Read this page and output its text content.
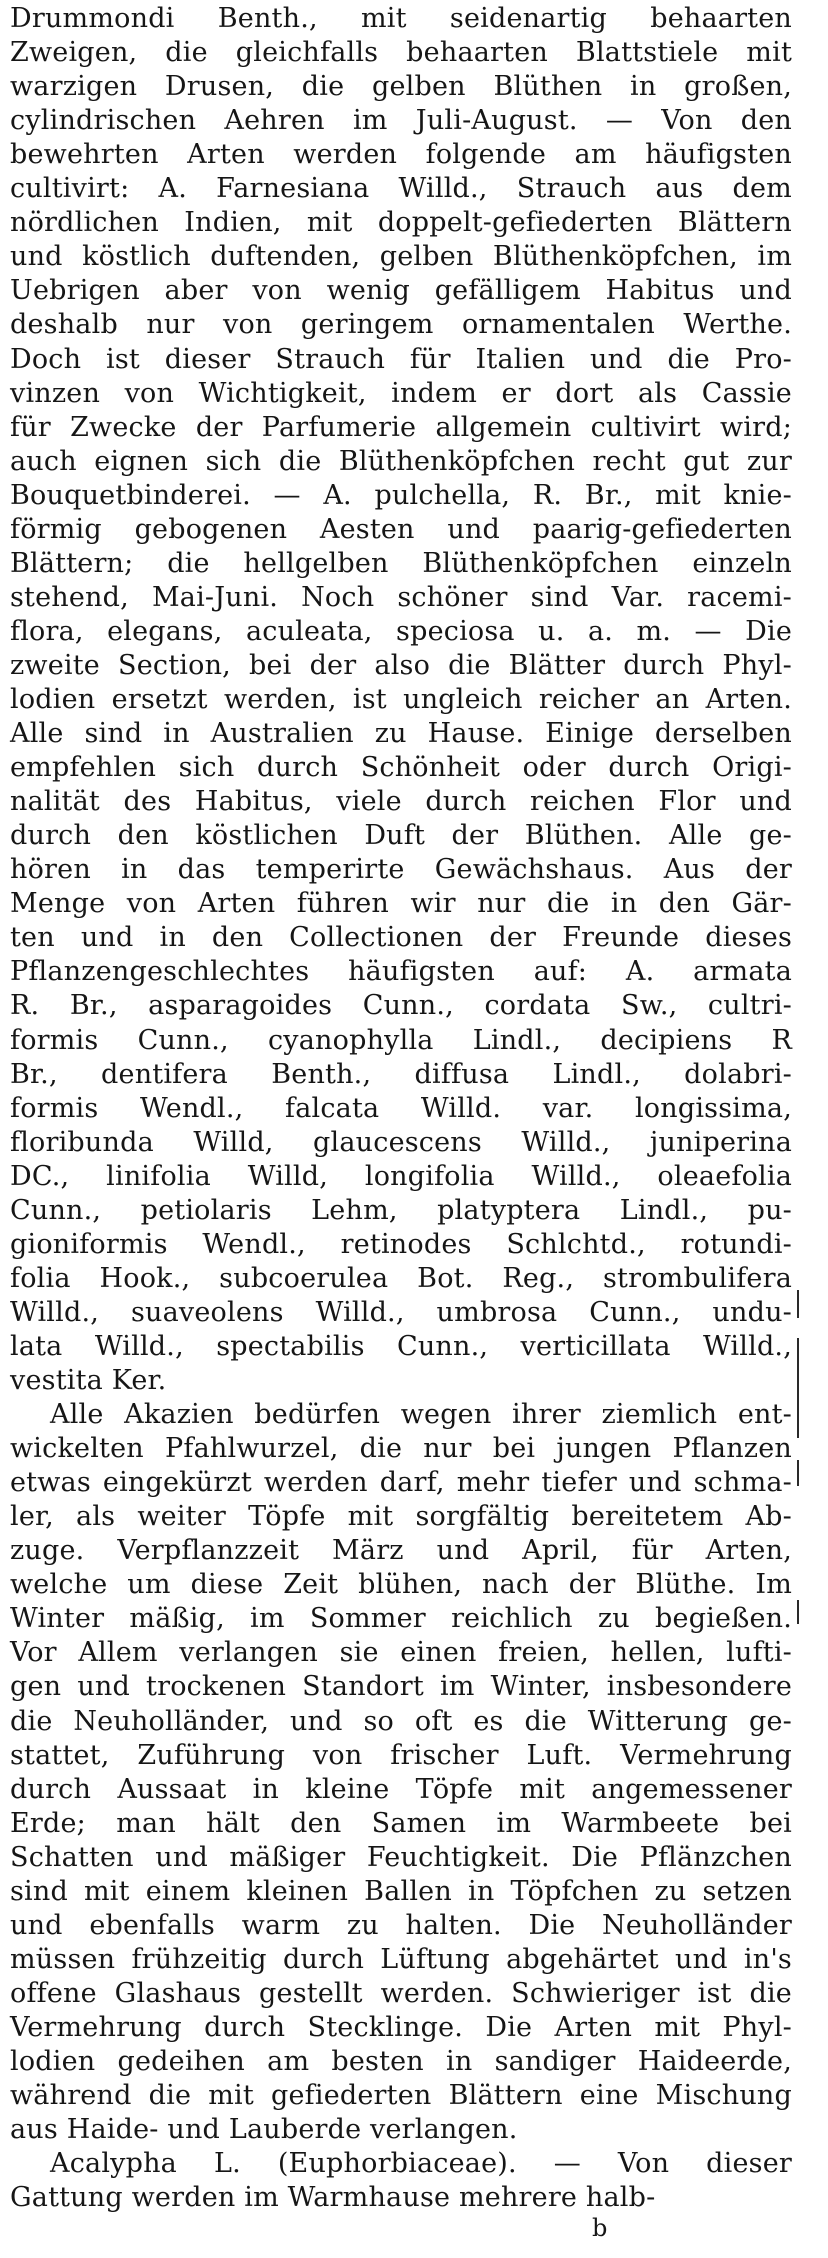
Drummondi Benth., mit seidenartig behaarten
Zweigen, die gleichfalls behaarten Blattstiele mit
warzigen Drusen, die gelben Blüthen in großen,
cylindrischen Aehren im Juli-August. — Von den
bewehrten Arten werden folgende am häufigsten
cultivirt: A. Farnesiana Willd., Strauch aus dem
nördlichen Indien, mit doppelt-gefiederten Blättern
und köstlich duftenden, gelben Blüthenköpfchen, im
Uebrigen aber von wenig gefälligem Habitus und
deshalb nur von geringem ornamentalen Werthe.
Doch ist dieser Strauch für Italien und die Pro-
vinzen von Wichtigkeit, indem er dort als Cassie
für Zwecke der Parfumerie allgemein cultivirt wird;
auch eignen sich die Blüthenköpfchen recht gut zur
Bouquetbinderei. — A. pulchella, R. Br., mit knie-
förmig gebogenen Aesten und paarig-gefiederten
Blättern; die hellgelben Blüthenköpfchen einzeln
stehend, Mai-Juni. Noch schöner sind Var. racemi-
flora, elegans, aculeata, speciosa u. a. m. — Die
zweite Section, bei der also die Blätter durch Phyl-
lodien ersetzt werden, ist ungleich reicher an Arten.
Alle sind in Australien zu Hause. Einige derselben
empfehlen sich durch Schönheit oder durch Origi-
nalität des Habitus, viele durch reichen Flor und
durch den köstlichen Duft der Blüthen. Alle ge-
hören in das temperirte Gewächshaus. Aus der
Menge von Arten führen wir nur die in den Gär-
ten und in den Collectionen der Freunde dieses
Pflanzengeschlechtes häufigsten auf: A. armata
R. Br., asparagoides Cunn., cordata Sw., cultri-
formis Cunn., cyanophylla Lindl., decipiens R
Br., dentifera Benth., diffusa Lindl., dolabri-
formis Wendl., falcata Willd. var. longissima,
floribunda Willd, glaucescens Willd., juniperina
DC., linifolia Willd, longifolia Willd., oleaefolia
Cunn., petiolaris Lehm, platyptera Lindl., pu-
gioniformis Wendl., retinodes Schlchtd., rotundi-
folia Hook., subcoerulea Bot. Reg., strombulifera
Willd., suaveolens Willd., umbrosa Cunn., undu-
lata Willd., spectabilis Cunn., verticillata Willd.,
vestita Ker.
Alle Akazien bedürfen wegen ihrer ziemlich ent-
wickelten Pfahlwurzel, die nur bei jungen Pflanzen
etwas eingekürzt werden darf, mehr tiefer und schma-
ler, als weiter Töpfe mit sorgfältig bereitetem Ab-
zuge. Verpflanzzeit März und April, für Arten,
welche um diese Zeit blühen, nach der Blüthe. Im
Winter mäßig, im Sommer reichlich zu begießen.
Vor Allem verlangen sie einen freien, hellen, lufti-
gen und trockenen Standort im Winter, insbesondere
die Neuholländer, und so oft es die Witterung ge-
stattet, Zuführung von frischer Luft. Vermehrung
durch Aussaat in kleine Töpfe mit angemessener
Erde; man hält den Samen im Warmbeete bei
Schatten und mäßiger Feuchtigkeit. Die Pflänzchen
sind mit einem kleinen Ballen in Töpfchen zu setzen
und ebenfalls warm zu halten. Die Neuholländer
müssen frühzeitig durch Lüftung abgehärtet und in's
offene Glashaus gestellt werden. Schwieriger ist die
Vermehrung durch Stecklinge. Die Arten mit Phyl-
lodien gedeihen am besten in sandiger Haideerde,
während die mit gefiederten Blättern eine Mischung
aus Haide- und Lauberde verlangen.
Acalypha L. (Euphorbiaceae). — Von dieser
Gattung werden im Warmhause mehrere halb-
b
